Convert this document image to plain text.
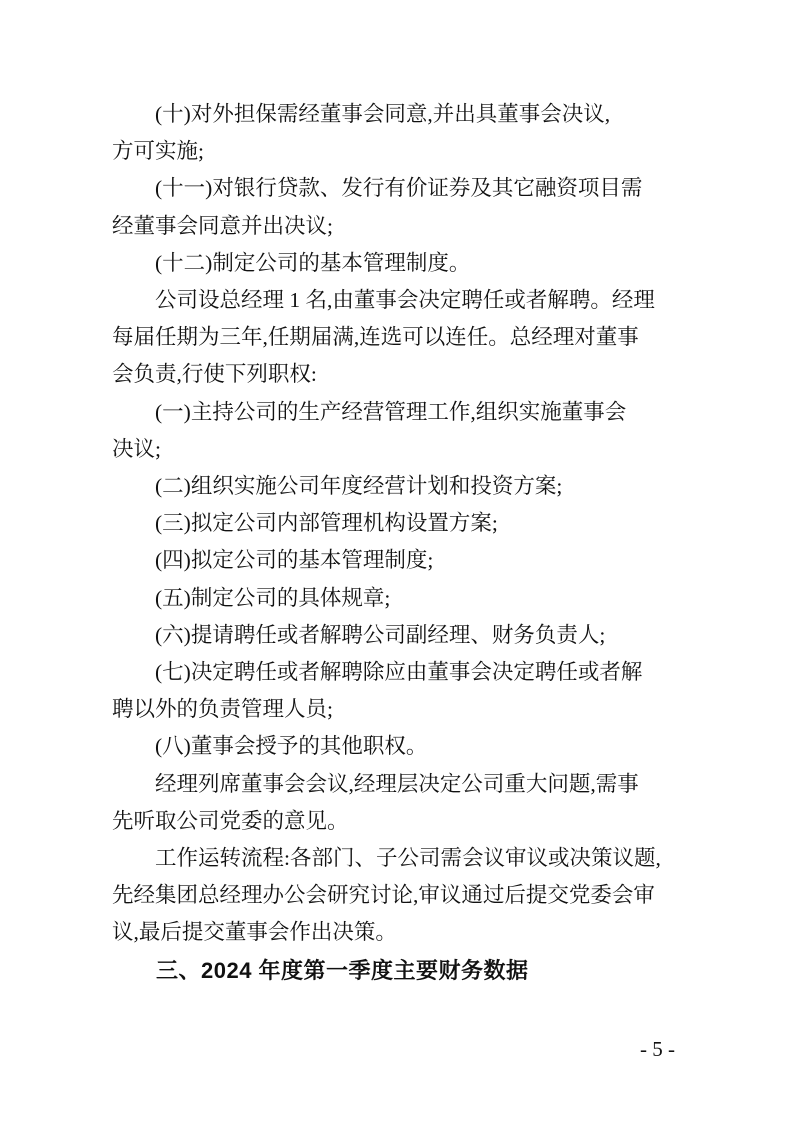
(十)对外担保需经董事会同意,并出具董事会决议,
方可实施;
(十一)对银行贷款、发行有价证券及其它融资项目需
经董事会同意并出决议;
(十二)制定公司的基本管理制度。
公司设总经理 1 名,由董事会决定聘任或者解聘。经理
每届任期为三年,任期届满,连选可以连任。总经理对董事
会负责,行使下列职权:
(一)主持公司的生产经营管理工作,组织实施董事会
决议;
(二)组织实施公司年度经营计划和投资方案;
(三)拟定公司内部管理机构设置方案;
(四)拟定公司的基本管理制度;
(五)制定公司的具体规章;
(六)提请聘任或者解聘公司副经理、财务负责人;
(七)决定聘任或者解聘除应由董事会决定聘任或者解
聘以外的负责管理人员;
(八)董事会授予的其他职权。
经理列席董事会会议,经理层决定公司重大问题,需事
先听取公司党委的意见。
工作运转流程:各部门、子公司需会议审议或决策议题,
先经集团总经理办公会研究讨论,审议通过后提交党委会审
议,最后提交董事会作出决策。
三、2024 年度第一季度主要财务数据
- 5 -
